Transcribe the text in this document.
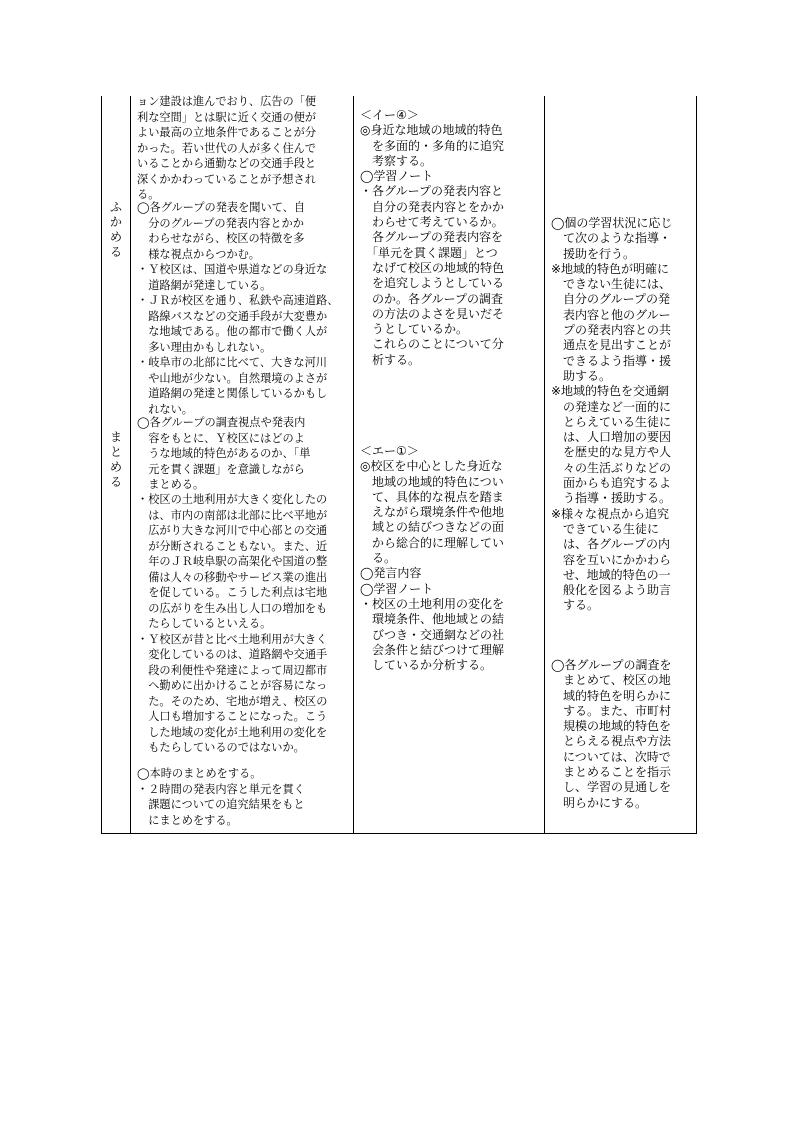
ふ
か
め
る
ま
と
め
る
ョン建設は進んでおり、広告の「便
利な空間」とは駅に近く交通の便が
よい最高の立地条件であることが分
かった。若い世代の人が多く住んで
いることから通勤などの交通手段と
深くかかわっていることが予想され
る。
◯各グループの発表を聞いて、自
　分のグループの発表内容とかか
　わらせながら、校区の特徴を多
　様な視点からつかむ。
・Ｙ校区は、国道や県道などの身近な
　道路網が発達している。
・ＪＲが校区を通り、私鉄や高速道路、
　路線バスなどの交通手段が大変豊か
　な地域である。他の都市で働く人が
　多い理由かもしれない。
・岐阜市の北部に比べて、大きな河川
　や山地が少ない。自然環境のよさが
　道路網の発達と関係しているかもし
　れない。
◯各グループの調査視点や発表内
　容をもとに、Ｙ校区にはどのよ
　うな地域的特色があるのか、「単
　元を貫く課題」を意識しながら
　まとめる。
・校区の土地利用が大きく変化したの
　は、市内の南部は北部に比べ平地が
　広がり大きな河川で中心部との交通
　が分断されることもない。また、近
　年のＪＲ岐阜駅の高架化や国道の整
　備は人々の移動やサービス業の進出
　を促している。こうした利点は宅地
　の広がりを生み出し人口の増加をも
　たらしているといえる。
・Ｙ校区が昔と比べ土地利用が大きく
　変化しているのは、道路網や交通手
　段の利便性や発達によって周辺都市
　へ勤めに出かけることが容易になっ
　た。そのため、宅地が増え、校区の
　人口も増加することになった。こう
　した地域の変化が土地利用の変化を
　もたらしているのではないか。
◯本時のまとめをする。
・２時間の発表内容と単元を貫く
　課題についての追究結果をもと
　にまとめをする。
＜イー④＞
◎身近な地域の地域的特色
　を多面的・多角的に追究
　考察する。
◯学習ノート
・各グループの発表内容と
　自分の発表内容とをかか
　わらせて考えているか。
　各グループの発表内容を
　「単元を貫く課題」とつ
　なげて校区の地域的特色
　を追究しようとしている
　のか。各グループの調査
　の方法のよさを見いだそ
　うとしているか。
　これらのことについて分
　析する。
＜エー①＞
◎校区を中心とした身近な
　地域の地域的特色につい
　て、具体的な視点を踏ま
　えながら環境条件や他地
　域との結びつきなどの面
　から総合的に理解してい
　る。
◯発言内容
◯学習ノート
・校区の土地利用の変化を
　環境条件、他地域との結
　びつき・交通網などの社
　会条件と結びつけて理解
　しているか分析する。
◯個の学習状況に応じ
　て次のような指導・
　援助を行う。
※地域的特色が明確に
　できない生徒には、
　自分のグループの発
　表内容と他のグルー
　プの発表内容との共
　通点を見出すことが
　できるよう指導・援
　助する。
※地域的特色を交通網
　の発達など一面的に
　とらえている生徒に
　は、人口増加の要因
　を歴史的な見方や人
　々の生活ぶりなどの
　面からも追究するよ
　う指導・援助する。
※様々な視点から追究
　できている生徒に
　は、各グループの内
　容を互いにかかわら
　せ、地域的特色の一
　般化を図るよう助言
　する。
◯各グループの調査を
　まとめて、校区の地
　域的特色を明らかに
　する。また、市町村
　規模の地域的特色を
　とらえる視点や方法
　については、次時で
　まとめることを指示
　し、学習の見通しを
　明らかにする。
